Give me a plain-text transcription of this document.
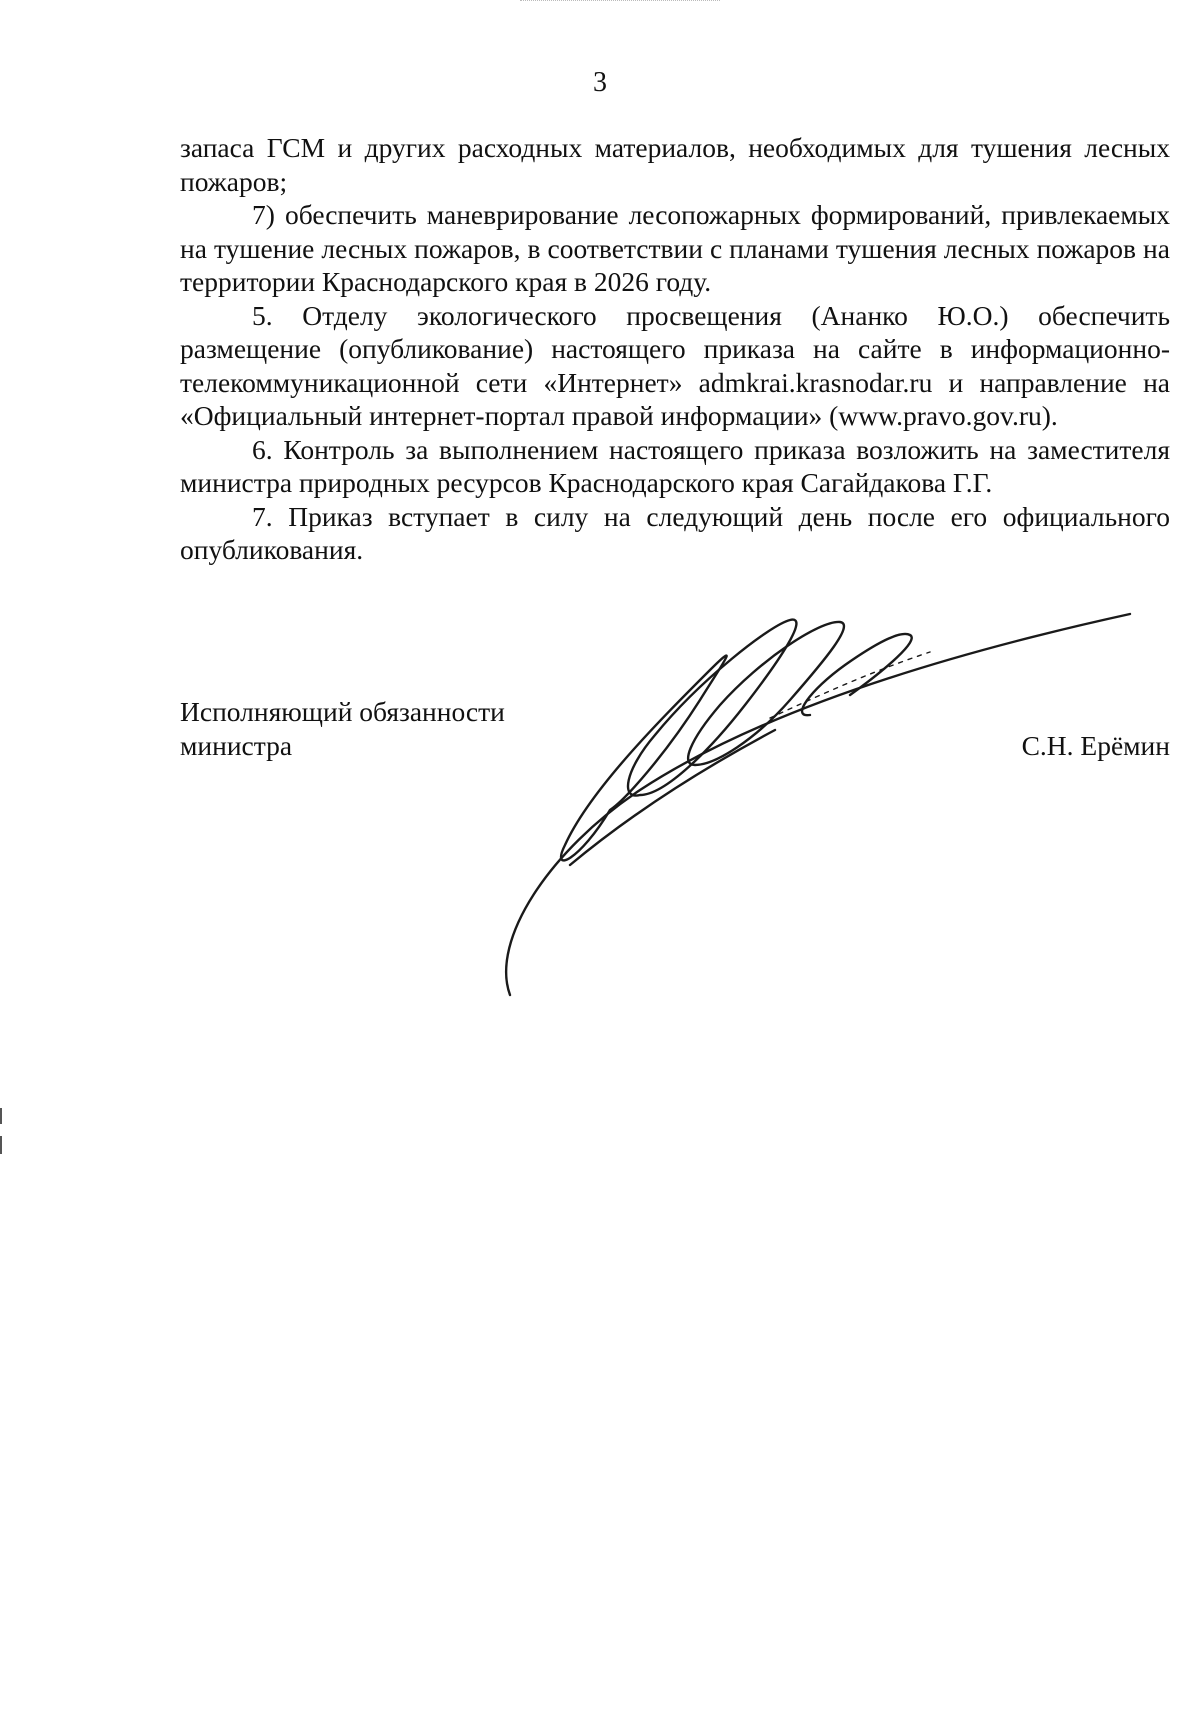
3

запаса ГСМ и других расходных материалов, необходимых для тушения лесных пожаров;

7) обеспечить маневрирование лесопожарных формирований, привлекаемых на тушение лесных пожаров, в соответствии с планами тушения лесных пожаров на территории Краснодарского края в 2026 году.

5. Отделу экологического просвещения (Ананко Ю.О.) обеспечить размещение (опубликование) настоящего приказа на сайте в информационно-телекоммуникационной сети «Интернет» admkrai.krasnodar.ru и направление на «Официальный интернет-портал правой информации» (www.pravo.gov.ru).

6. Контроль за выполнением настоящего приказа возложить на заместителя министра природных ресурсов Краснодарского края Сагайдакова Г.Г.

7. Приказ вступает в силу на следующий день после его официального опубликования.

Исполняющий обязанности
министра	С.Н. Ерёмин
